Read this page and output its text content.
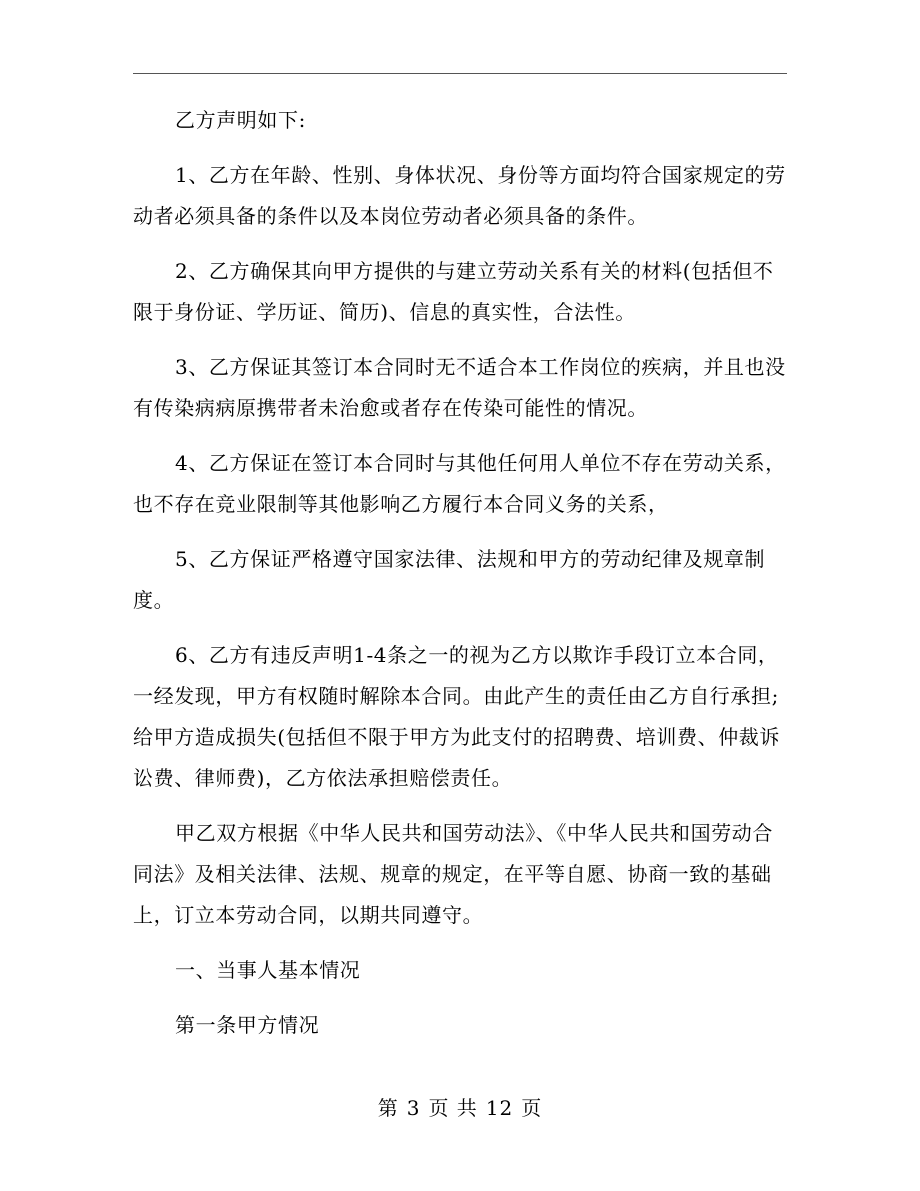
乙方声明如下:

1、乙方在年龄、性别、身体状况、身份等方面均符合国家规定的劳动者必须具备的条件以及本岗位劳动者必须具备的条件。

2、乙方确保其向甲方提供的与建立劳动关系有关的材料(包括但不限于身份证、学历证、简历)、信息的真实性，合法性。

3、乙方保证其签订本合同时无不适合本工作岗位的疾病，并且也没有传染病病原携带者未治愈或者存在传染可能性的情况。

4、乙方保证在签订本合同时与其他任何用人单位不存在劳动关系，也不存在竞业限制等其他影响乙方履行本合同义务的关系，

5、乙方保证严格遵守国家法律、法规和甲方的劳动纪律及规章制度。

6、乙方有违反声明1-4条之一的视为乙方以欺诈手段订立本合同，一经发现，甲方有权随时解除本合同。由此产生的责任由乙方自行承担;给甲方造成损失(包括但不限于甲方为此支付的招聘费、培训费、仲裁诉讼费、律师费)，乙方依法承担赔偿责任。

甲乙双方根据《中华人民共和国劳动法》、《中华人民共和国劳动合同法》及相关法律、法规、规章的规定，在平等自愿、协商一致的基础上，订立本劳动合同，以期共同遵守。

一、当事人基本情况

第一条甲方情况

第 3 页 共 12 页
